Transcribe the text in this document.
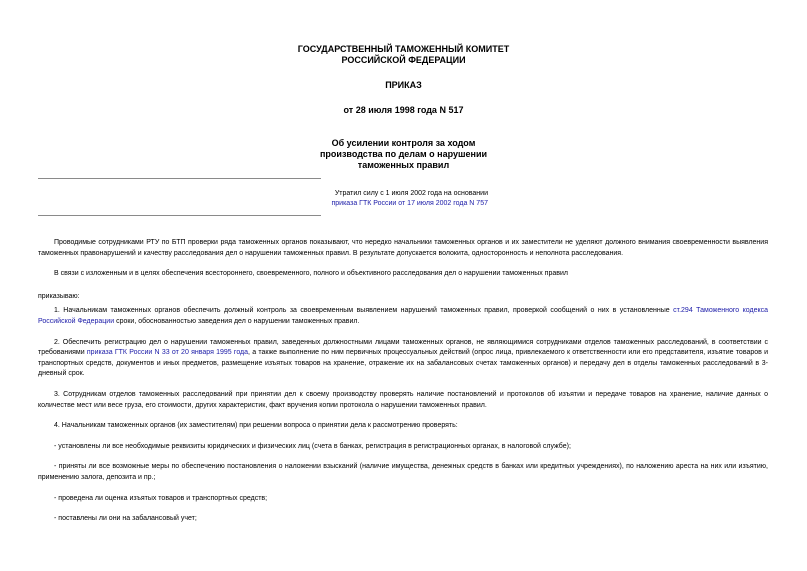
ГОСУДАРСТВЕННЫЙ ТАМОЖЕННЫЙ КОМИТЕТ
РОССИЙСКОЙ ФЕДЕРАЦИИ
ПРИКАЗ
от 28 июля 1998 года N 517
Об усилении контроля за ходом
производства по делам о нарушении
таможенных правил
Утратил силу с 1 июля 2002 года на основании
приказа ГТК России от 17 июля 2002 года N 757

Проводимые сотрудниками РТУ по БТП проверки ряда таможенных органов показывают, что нередко начальники таможенных органов и их заместители не уделяют должного внимания своевременности выявления таможенных правонарушений и качеству расследования дел о нарушении таможенных правил. В результате допускается волокита, односторонность и неполнота расследования.

В связи с изложенным и в целях обеспечения всестороннего, своевременного, полного и объективного расследования дел о нарушении таможенных правил

приказываю:

1. Начальникам таможенных органов обеспечить должный контроль за своевременным выявлением нарушений таможенных правил, проверкой сообщений о них в установленные ст.294 Таможенного кодекса Российской Федерации сроки, обоснованностью заведения дел о нарушении таможенных правил.

2. Обеспечить регистрацию дел о нарушении таможенных правил, заведенных должностными лицами таможенных органов, не являющимися сотрудниками отделов таможенных расследований, в соответствии с требованиями приказа ГТК России N 33 от 20 января 1995 года, а также выполнение по ним первичных процессуальных действий (опрос лица, привлекаемого к ответственности или его представителя, изъятие товаров и транспортных средств, документов и иных предметов, размещение изъятых товаров на хранение, отражение их на забалансовых счетах таможенных органов) и передачу дел в отделы таможенных расследований в 3-дневный срок.

3. Сотрудникам отделов таможенных расследований при принятии дел к своему производству проверять наличие постановлений и протоколов об изъятии и передаче товаров на хранение, наличие данных о количестве мест или весе груза, его стоимости, других характеристик, факт вручения копии протокола о нарушении таможенных правил.

4. Начальникам таможенных органов (их заместителям) при решении вопроса о принятии дела к рассмотрению проверять:

- установлены ли все необходимые реквизиты юридических и физических лиц (счета в банках, регистрация в регистрационных органах, в налоговой службе);

- приняты ли все возможные меры по обеспечению постановления о наложении взысканий (наличие имущества, денежных средств в банках или кредитных учреждениях), по наложению ареста на них или изъятию, применению залога, депозита и пр.;

- проведена ли оценка изъятых товаров и транспортных средств;

- поставлены ли они на забалансовый учет;
